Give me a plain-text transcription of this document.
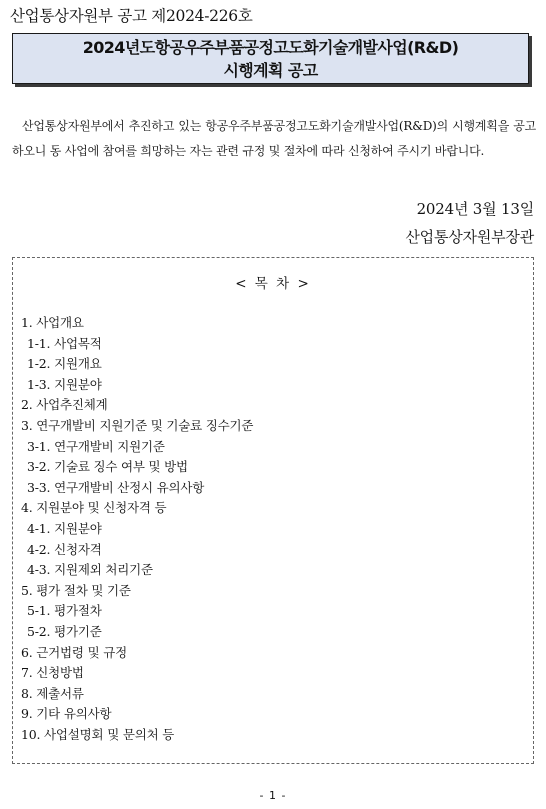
산업통상자원부 공고 제2024-226호
2024년도항공우주부품공정고도화기술개발사업(R&D)
시행계획 공고

산업통상자원부에서 추진하고 있는 항공우주부품공정고도화기술개발사업(R&D)의 시행계획을 공고하오니 동 사업에 참여를 희망하는 자는 관련 규정 및 절차에 따라 신청하여 주시기 바랍니다.

2024년 3월 13일
산업통상자원부장관
< 목 차 >
1. 사업개요
1-1. 사업목적
1-2. 지원개요
1-3. 지원분야
2. 사업추진체계
3. 연구개발비 지원기준 및 기술료 징수기준
3-1. 연구개발비 지원기준
3-2. 기술료 징수 여부 및 방법
3-3. 연구개발비 산정시 유의사항
4. 지원분야 및 신청자격 등
4-1. 지원분야
4-2. 신청자격
4-3. 지원제외 처리기준
5. 평가 절차 및 기준
5-1. 평가절차
5-2. 평가기준
6. 근거법령 및 규정
7. 신청방법
8. 제출서류
9. 기타 유의사항
10. 사업설명회 및 문의처 등
- 1 -
